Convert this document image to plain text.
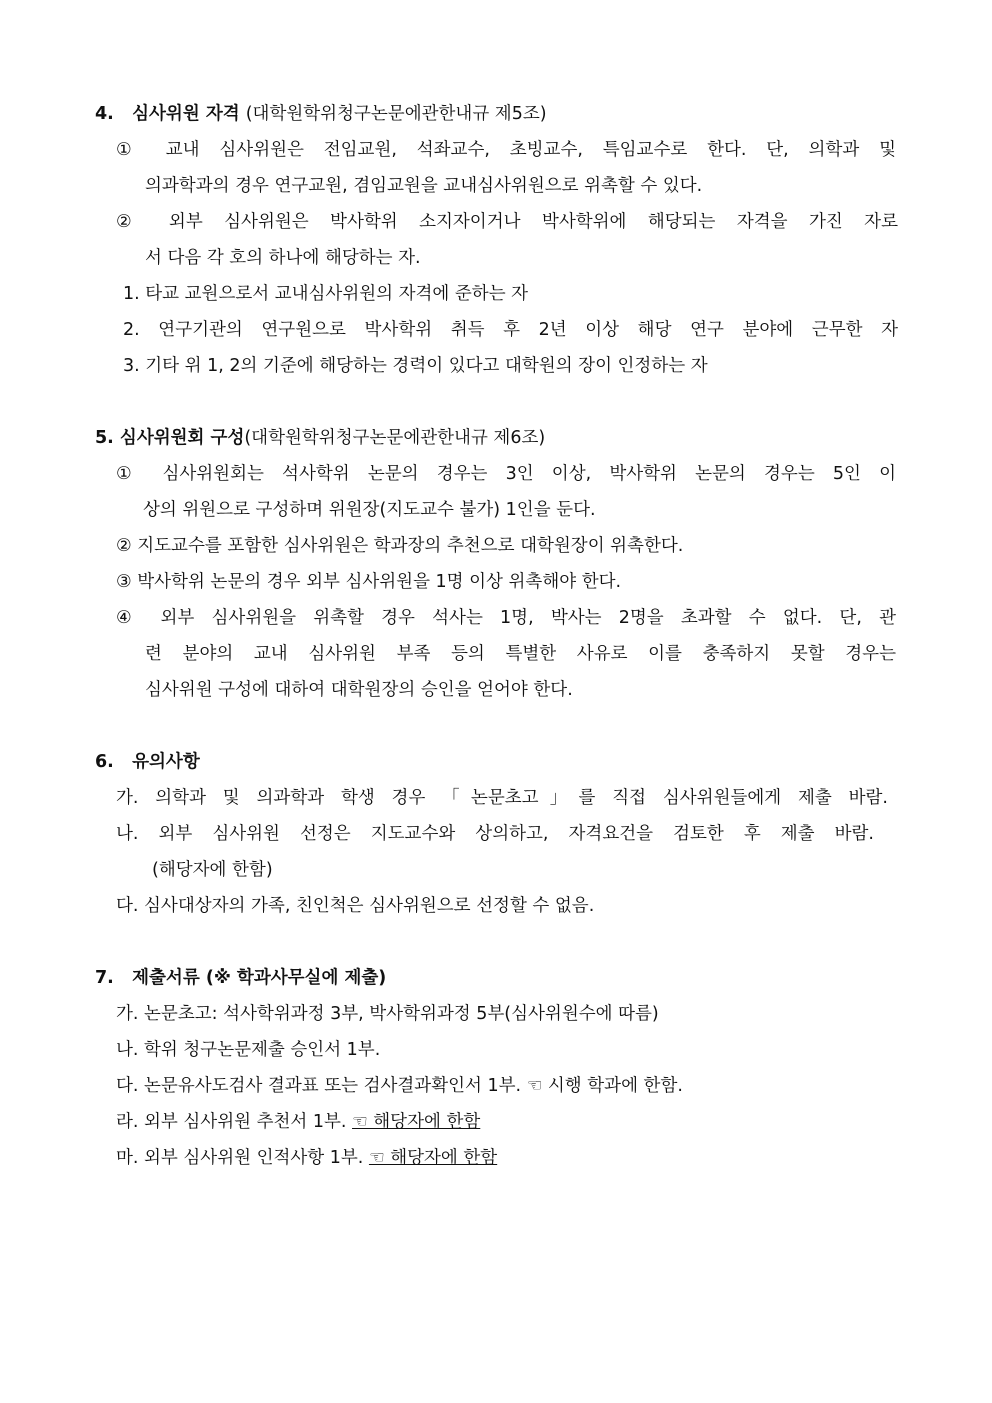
4. 심사위원 자격 (대학원학위청구논문에관한내규 제5조)
① 교내 심사위원은 전임교원, 석좌교수, 초빙교수, 특임교수로 한다. 단, 의학과 및
의과학과의 경우 연구교원, 겸임교원을 교내심사위원으로 위촉할 수 있다.
② 외부 심사위원은 박사학위 소지자이거나 박사학위에 해당되는 자격을 가진 자로
서 다음 각 호의 하나에 해당하는 자.
1. 타교 교원으로서 교내심사위원의 자격에 준하는 자
2. 연구기관의 연구원으로 박사학위 취득 후 2년 이상 해당 연구 분야에 근무한 자
3. 기타 위 1, 2의 기준에 해당하는 경력이 있다고 대학원의 장이 인정하는 자
5. 심사위원회 구성(대학원학위청구논문에관한내규 제6조)
① 심사위원회는 석사학위 논문의 경우는 3인 이상, 박사학위 논문의 경우는 5인 이
상의 위원으로 구성하며 위원장(지도교수 불가) 1인을 둔다.
② 지도교수를 포함한 심사위원은 학과장의 추천으로 대학원장이 위촉한다.
③ 박사학위 논문의 경우 외부 심사위원을 1명 이상 위촉해야 한다.
④ 외부 심사위원을 위촉할 경우 석사는 1명, 박사는 2명을 초과할 수 없다. 단, 관
련 분야의 교내 심사위원 부족 등의 특별한 사유로 이를 충족하지 못할 경우는
심사위원 구성에 대하여 대학원장의 승인을 얻어야 한다.
6. 유의사항
가. 의학과 및 의과학과 학생 경우 「논문초고」를 직접 심사위원들에게 제출 바람.
나. 외부 심사위원 선정은 지도교수와 상의하고, 자격요건을 검토한 후 제출 바람.
(해당자에 한함)
다. 심사대상자의 가족, 친인척은 심사위원으로 선정할 수 없음.
7. 제출서류 (※ 학과사무실에 제출)
가. 논문초고: 석사학위과정 3부, 박사학위과정 5부(심사위원수에 따름)
나. 학위 청구논문제출 승인서 1부.
다. 논문유사도검사 결과표 또는 검사결과확인서 1부. ☜ 시행 학과에 한함.
라. 외부 심사위원 추천서 1부. ☜ 해당자에 한함
마. 외부 심사위원 인적사항 1부. ☜ 해당자에 한함
